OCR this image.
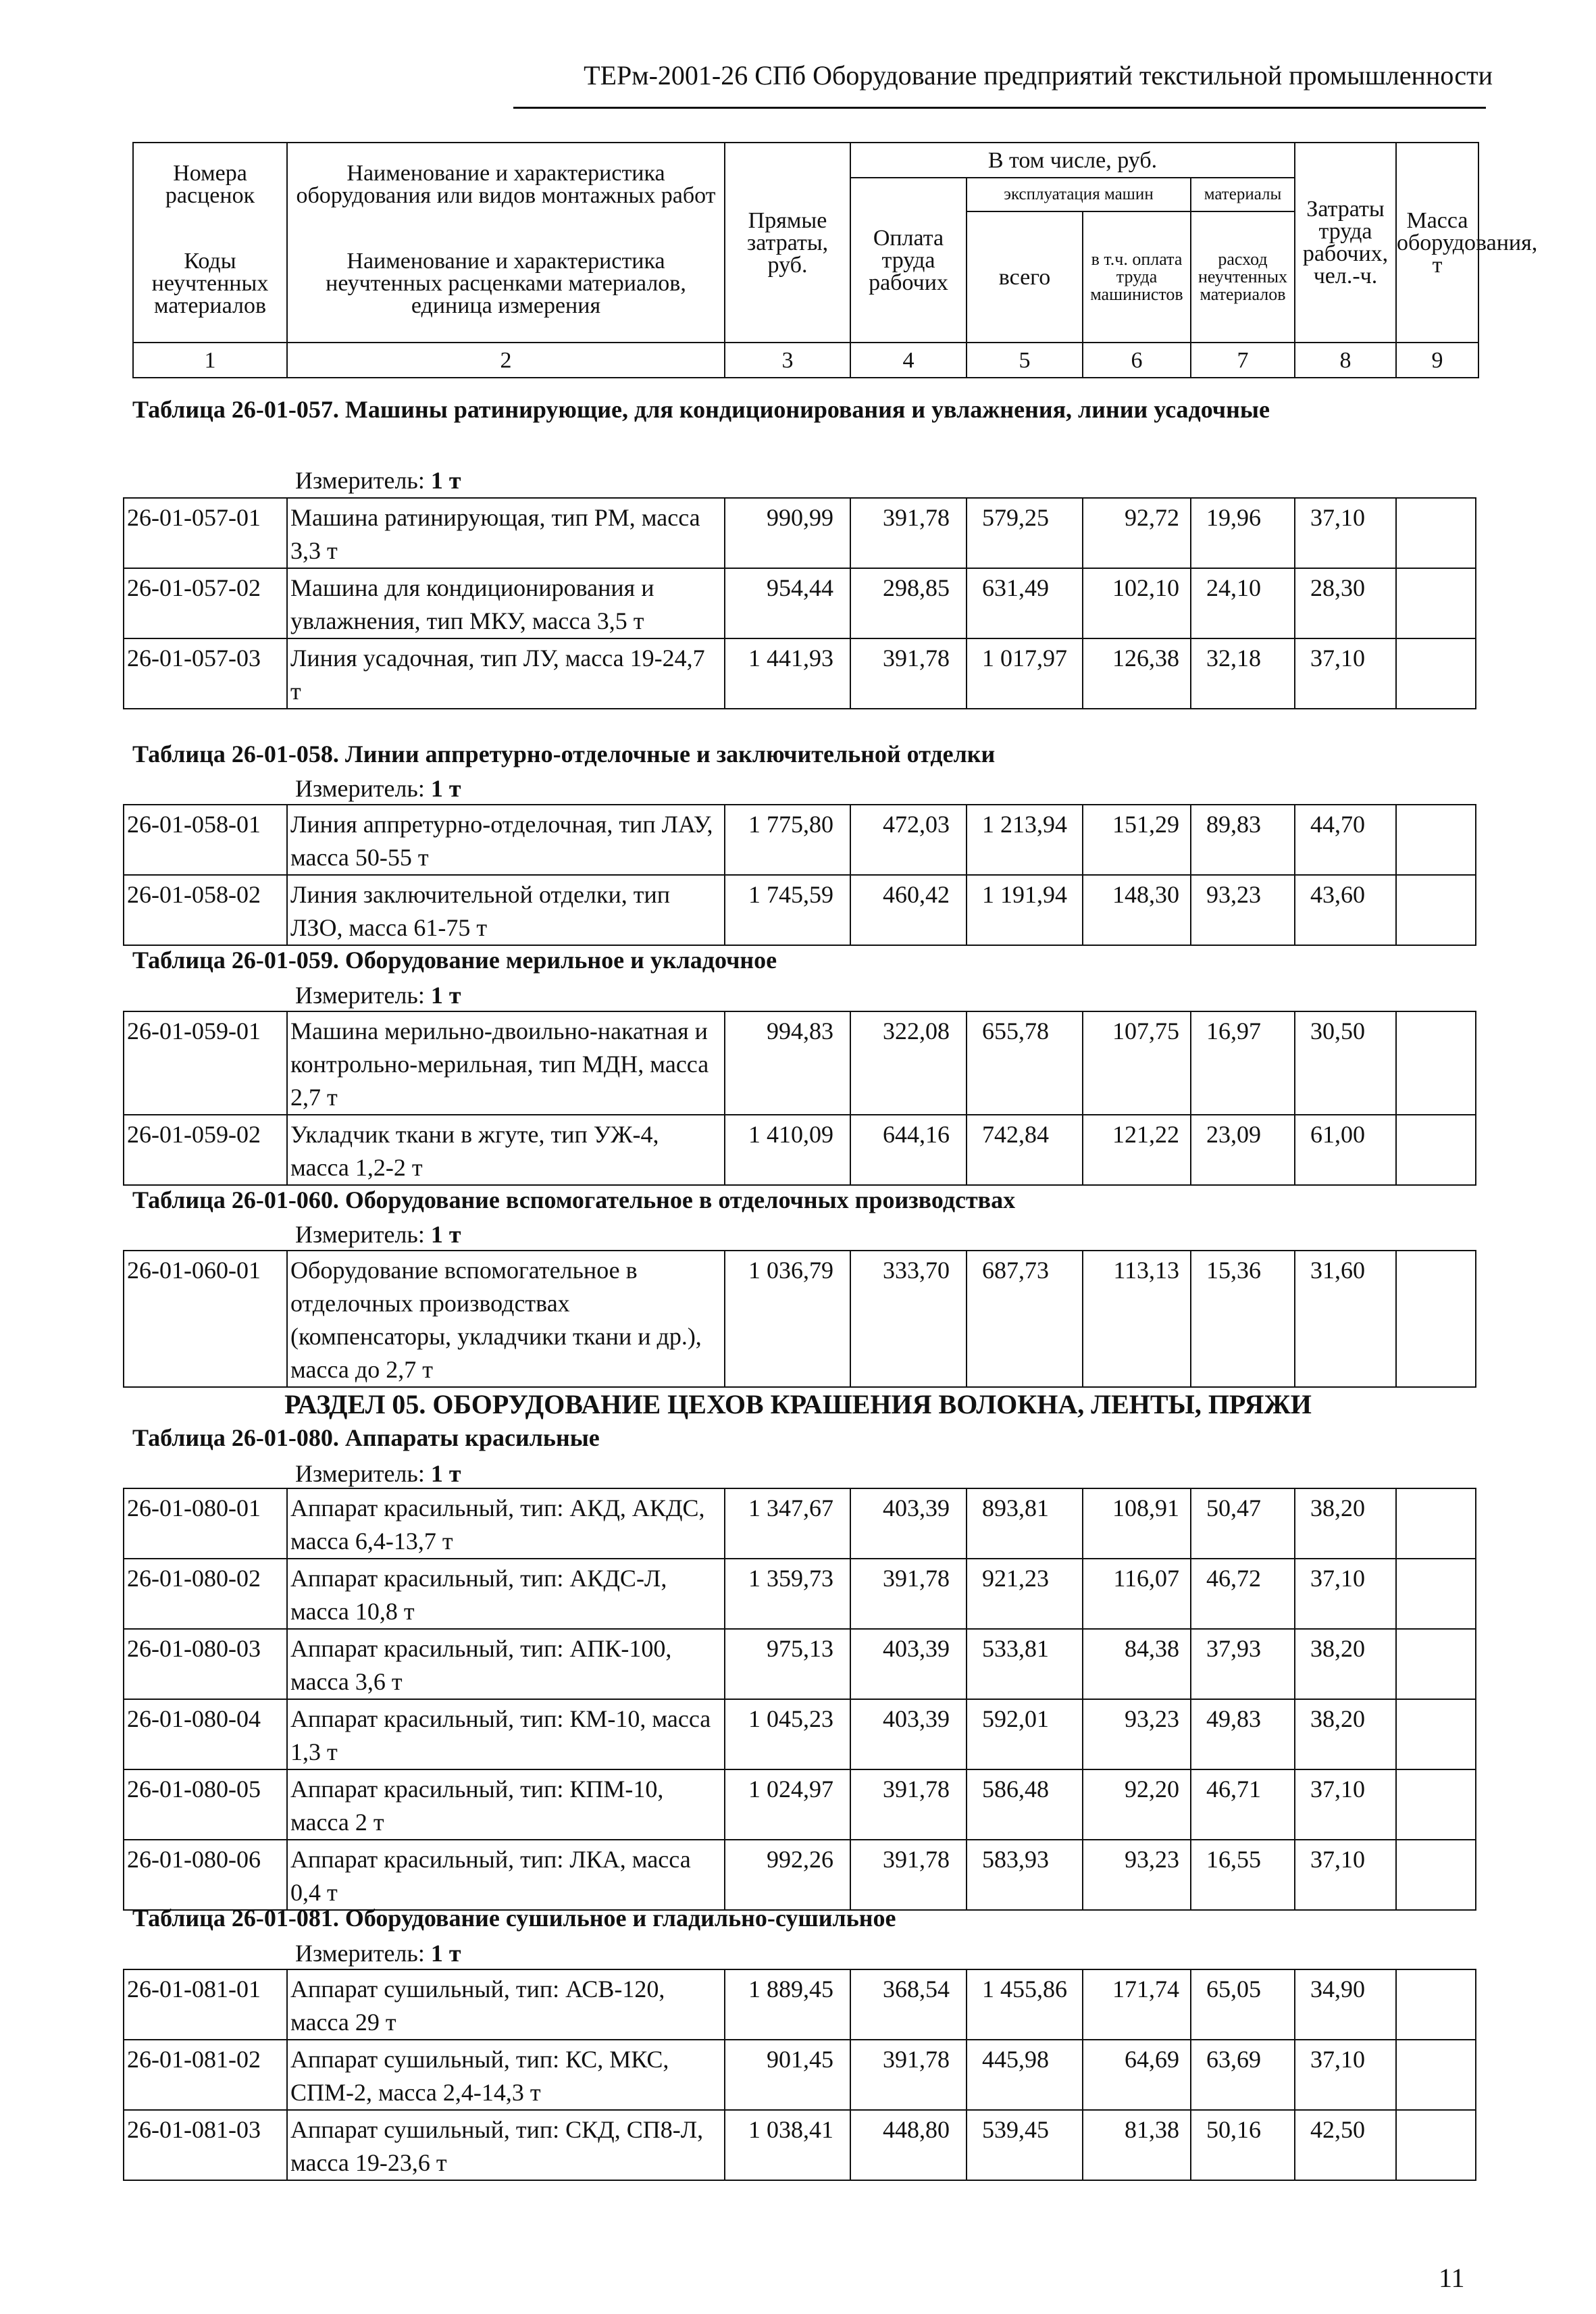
ТЕРм-2001-26 СПб Оборудование предприятий текстильной промышленности
Номера расценок	Наименование и характеристика оборудования или видов монтажных работ	Прямые затраты, руб.	В том числе, руб.				Затраты труда рабочих, чел.-ч.	Масса оборудования, т
			Оплата труда рабочих	эксплуатация машин		материалы		
				всего	в т.ч. оплата труда машинистов	расход неучтенных материалов		
Коды неучтенных материалов	Наименование и характеристика неучтенных расценками материалов, единица измерения							

1	2	3	4	5	6	7	8	9
Таблица 26-01-057. Машины ратинирующие, для кондиционирования и увлажнения, линии усадочные
Измеритель: 1 т
26-01-057-01	Машина ратинирующая, тип РМ, масса 3,3 т	990,99	391,78	579,25	92,72	19,96	37,10	
26-01-057-02	Машина для кондиционирования и увлажнения, тип МКУ, масса 3,5 т	954,44	298,85	631,49	102,10	24,10	28,30	
26-01-057-03	Линия усадочная, тип ЛУ, масса 19-24,7 т	1 441,93	391,78	1 017,97	126,38	32,18	37,10	
Таблица 26-01-058. Линии аппретурно-отделочные и заключительной отделки
Измеритель: 1 т
26-01-058-01	Линия аппретурно-отделочная, тип ЛАУ, масса 50-55 т	1 775,80	472,03	1 213,94	151,29	89,83	44,70	
26-01-058-02	Линия заключительной отделки, тип ЛЗО, масса 61-75 т	1 745,59	460,42	1 191,94	148,30	93,23	43,60	
Таблица 26-01-059. Оборудование мерильное и укладочное
Измеритель: 1 т
26-01-059-01	Машина мерильно-двоильно-накатная и контрольно-мерильная, тип МДН, масса 2,7 т	994,83	322,08	655,78	107,75	16,97	30,50	
26-01-059-02	Укладчик ткани в жгуте, тип УЖ-4, масса 1,2-2 т	1 410,09	644,16	742,84	121,22	23,09	61,00	
Таблица 26-01-060. Оборудование вспомогательное в отделочных производствах
Измеритель: 1 т
26-01-060-01	Оборудование вспомогательное в отделочных производствах (компенсаторы, укладчики ткани и др.), масса до 2,7 т	1 036,79	333,70	687,73	113,13	15,36	31,60	
РАЗДЕЛ 05. ОБОРУДОВАНИЕ ЦЕХОВ КРАШЕНИЯ ВОЛОКНА, ЛЕНТЫ, ПРЯЖИ
Таблица 26-01-080. Аппараты красильные
Измеритель: 1 т
26-01-080-01	Аппарат красильный, тип: АКД, АКДС, масса 6,4-13,7 т	1 347,67	403,39	893,81	108,91	50,47	38,20	
26-01-080-02	Аппарат красильный, тип: АКДС-Л, масса 10,8 т	1 359,73	391,78	921,23	116,07	46,72	37,10	
26-01-080-03	Аппарат красильный, тип: АПК-100, масса 3,6 т	975,13	403,39	533,81	84,38	37,93	38,20	
26-01-080-04	Аппарат красильный, тип: КМ-10, масса 1,3 т	1 045,23	403,39	592,01	93,23	49,83	38,20	
26-01-080-05	Аппарат красильный, тип: КПМ-10, масса 2 т	1 024,97	391,78	586,48	92,20	46,71	37,10	
26-01-080-06	Аппарат красильный, тип: ЛКА, масса 0,4 т	992,26	391,78	583,93	93,23	16,55	37,10	
Таблица 26-01-081. Оборудование сушильное и гладильно-сушильное
Измеритель: 1 т
26-01-081-01	Аппарат сушильный, тип: АСВ-120, масса 29 т	1 889,45	368,54	1 455,86	171,74	65,05	34,90	
26-01-081-02	Аппарат сушильный, тип: КС, МКС, СПМ-2, масса 2,4-14,3 т	901,45	391,78	445,98	64,69	63,69	37,10	
26-01-081-03	Аппарат сушильный, тип: СКД, СП8-Л, масса 19-23,6 т	1 038,41	448,80	539,45	81,38	50,16	42,50	
11
